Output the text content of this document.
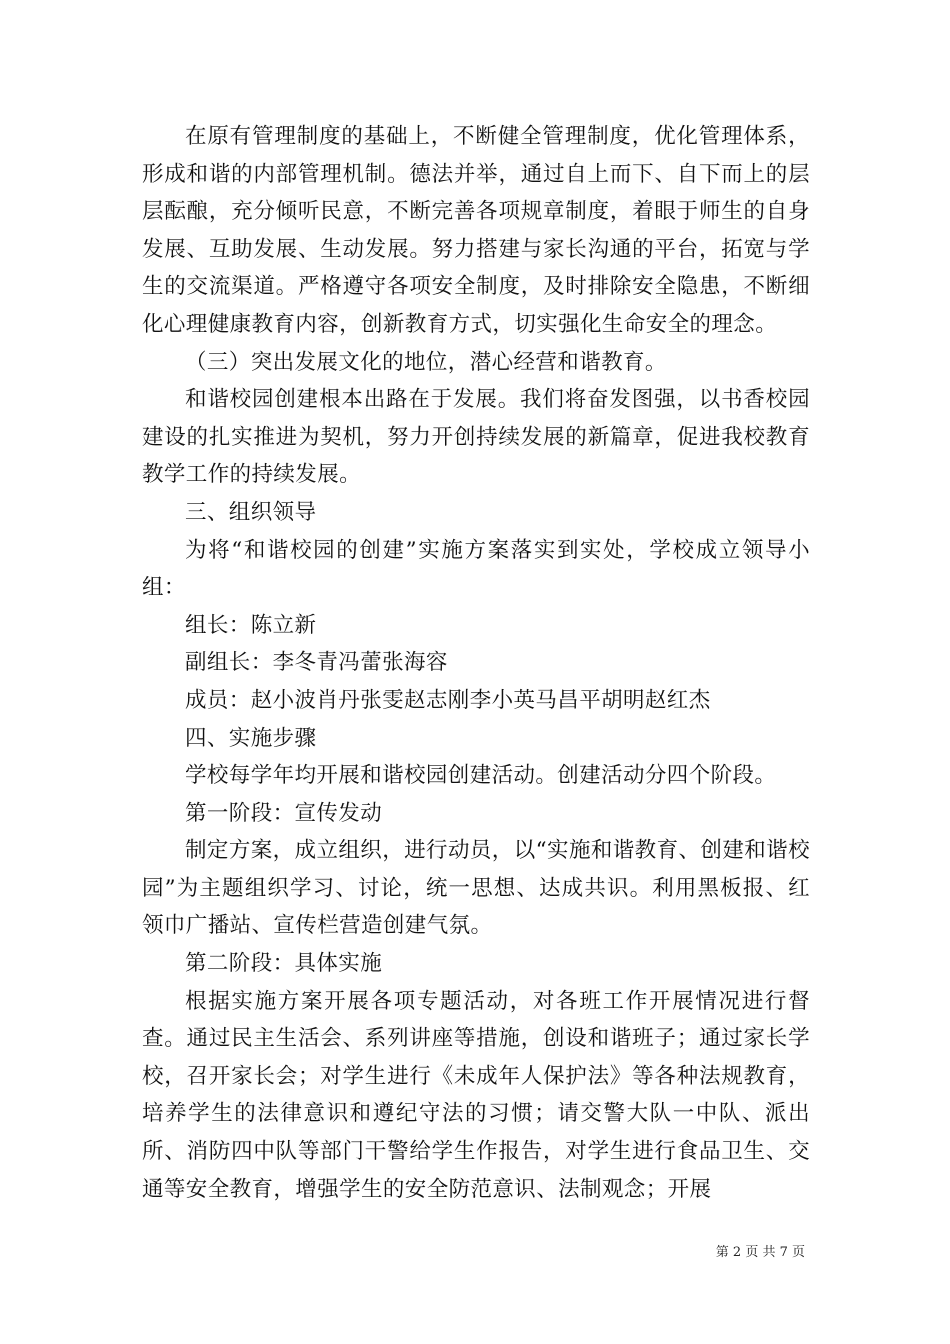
在原有管理制度的基础上，不断健全管理制度，优化管理体系，形成和谐的内部管理机制。德法并举，通过自上而下、自下而上的层层酝酿，充分倾听民意，不断完善各项规章制度，着眼于师生的自身发展、互助发展、生动发展。努力搭建与家长沟通的平台，拓宽与学生的交流渠道。严格遵守各项安全制度，及时排除安全隐患，不断细化心理健康教育内容，创新教育方式，切实强化生命安全的理念。

（三）突出发展文化的地位，潜心经营和谐教育。

和谐校园创建根本出路在于发展。我们将奋发图强，以书香校园建设的扎实推进为契机，努力开创持续发展的新篇章，促进我校教育教学工作的持续发展。

三、组织领导

为将“和谐校园的创建”实施方案落实到实处，学校成立领导小组：

组长：陈立新

副组长：李冬青冯蕾张海容

成员：赵小波肖丹张雯赵志刚李小英马昌平胡明赵红杰

四、实施步骤

学校每学年均开展和谐校园创建活动。创建活动分四个阶段。

第一阶段：宣传发动

制定方案，成立组织，进行动员，以“实施和谐教育、创建和谐校园”为主题组织学习、讨论，统一思想、达成共识。利用黑板报、红领巾广播站、宣传栏营造创建气氛。

第二阶段：具体实施

根据实施方案开展各项专题活动，对各班工作开展情况进行督查。通过民主生活会、系列讲座等措施，创设和谐班子；通过家长学校，召开家长会；对学生进行《未成年人保护法》等各种法规教育，培养学生的法律意识和遵纪守法的习惯；请交警大队一中队、派出所、消防四中队等部门干警给学生作报告，对学生进行食品卫生、交通等安全教育，增强学生的安全防范意识、法制观念；开展

第 2 页 共 7 页
